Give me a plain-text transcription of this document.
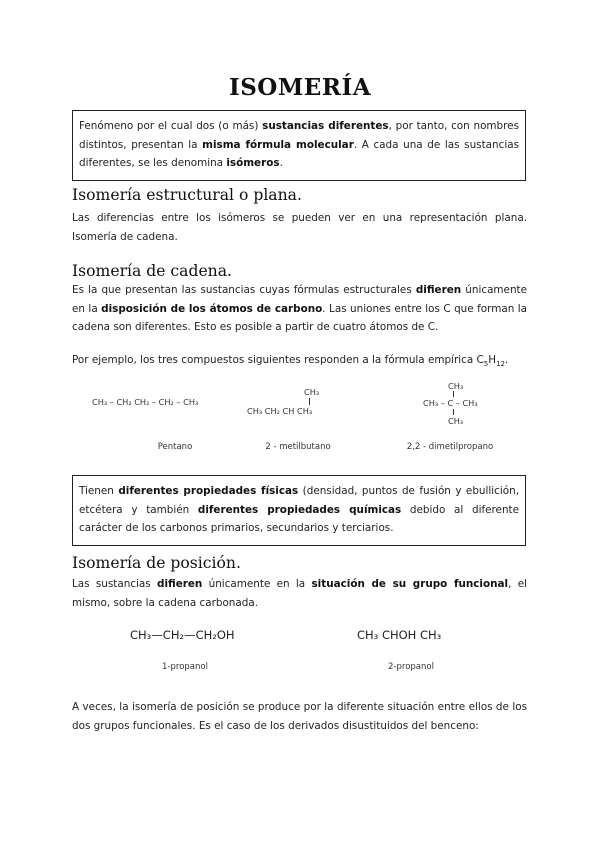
ISOMERÍA
Fenómeno por el cual dos (o más) sustancias diferentes, por tanto, con nombres distintos, presentan la misma fórmula molecular. A cada una de las sustancias diferentes, se les denomina isómeros.
Isomería estructural o plana.

Las diferencias entre los isómeros se pueden ver en una representación plana. Isomería de cadena.

Isomería de cadena.

Es la que presentan las sustancias cuyas fórmulas estructurales difieren únicamente en la disposición de los átomos de carbono. Las uniones entre los C que forman la cadena son diferentes. Esto es posible a partir de cuatro átomos de C.

Por ejemplo, los tres compuestos siguientes responden a la fórmula empírica $C_5H_{12}$.

CH₃ – CH₂ CH₂ – CH₂ – CH₃
Pentano
CH₃
CH₃ CH₂ CH CH₃
2 - metilbutano
CH₃
CH₃ – C – CH₃
CH₃
2,2 - dimetilpropano
Tienen diferentes propiedades físicas (densidad, puntos de fusión y ebullición, etcétera y también diferentes propiedades químicas debido al diferente carácter de los carbonos primarios, secundarios y terciarios.
Isomería de posición.

Las sustancias difieren únicamente en la situación de su grupo funcional, el mismo, sobre la cadena carbonada.

CH₃—CH₂—CH₂OH
1-propanol
CH₃ CHOH CH₃
2-propanol

A veces, la isomería de posición se produce por la diferente situación entre ellos de los dos grupos funcionales. Es el caso de los derivados disustituidos del benceno:
